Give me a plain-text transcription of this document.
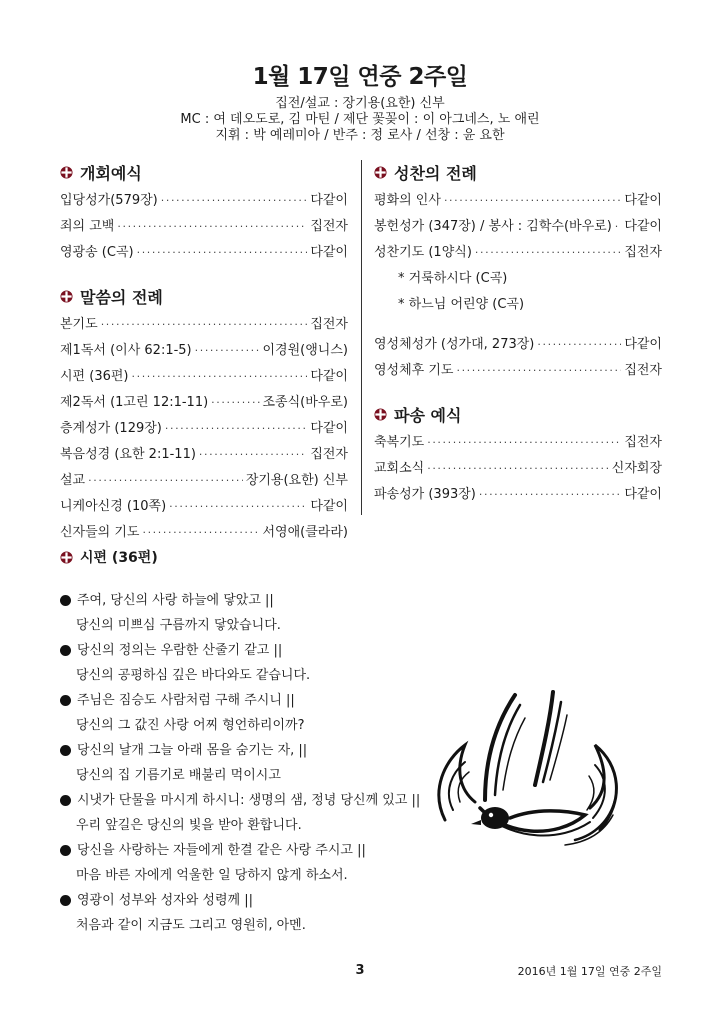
1월 17일 연중 2주일
집전/설교 : 장기용(요한) 신부
MC : 여 데오도로, 김 마틴 / 제단 꽃꽂이 : 이 아그네스, 노 애린
지휘 : 박 예레미아 / 반주 : 정 로사 / 선창 : 윤 요한
개회예식
입당성가(579장) ·····	다같이
죄의 고백 ·····	집전자
영광송 (C곡) ·····	다같이
말씀의 전례
본기도 ·····	집전자
제1독서 (이사 62:1-5) ·····	이경원(앵니스)
시편 (36편) ·····	다같이
제2독서 (1고린 12:1-11) ·····	조종식(바우로)
층계성가 (129장) ·····	다같이
복음성경 (요한 2:1-11) ·····	집전자
설교 ·····	장기용(요한) 신부
니케아신경 (10쪽) ·····	다같이
신자들의 기도 ·····	서영애(클라라)
성찬의 전례
평화의 인사 ·····	다같이
봉헌성가 (347장) / 봉사 : 김학수(바우로) ····· 다같이
성찬기도 (1양식) ·····	집전자
* 거룩하시다 (C곡)
* 하느님 어린양 (C곡)
영성체성가 (성가대, 273장) ·····	다같이
영성체후 기도 ·····	집전자
파송 예식
축복기도 ·····	집전자
교회소식 ·····	신자회장
파송성가 (393장) ·····	다같이
시편 (36편)
주여, 당신의 사랑 하늘에 닿았고 ||
당신의 미쁘심 구름까지 닿았습니다.
당신의 정의는 우람한 산줄기 같고 ||
당신의 공평하심 깊은 바다와도 같습니다.
주님은 짐승도 사람처럼 구해 주시니 ||
당신의 그 값진 사랑 어찌 형언하리이까?
당신의 날개 그늘 아래 몸을 숨기는 자, ||
당신의 집 기름기로 배불리 먹이시고
시냇가 단물을 마시게 하시니: 생명의 샘, 정녕 당신께 있고 ||
우리 앞길은 당신의 빛을 받아 환합니다.
당신을 사랑하는 자들에게 한결 같은 사랑 주시고 ||
마음 바른 자에게 억울한 일 당하지 않게 하소서.
영광이 성부와 성자와 성령께 ||
처음과 같이 지금도 그리고 영원히, 아멘.
3	2016년 1월 17일 연중 2주일
